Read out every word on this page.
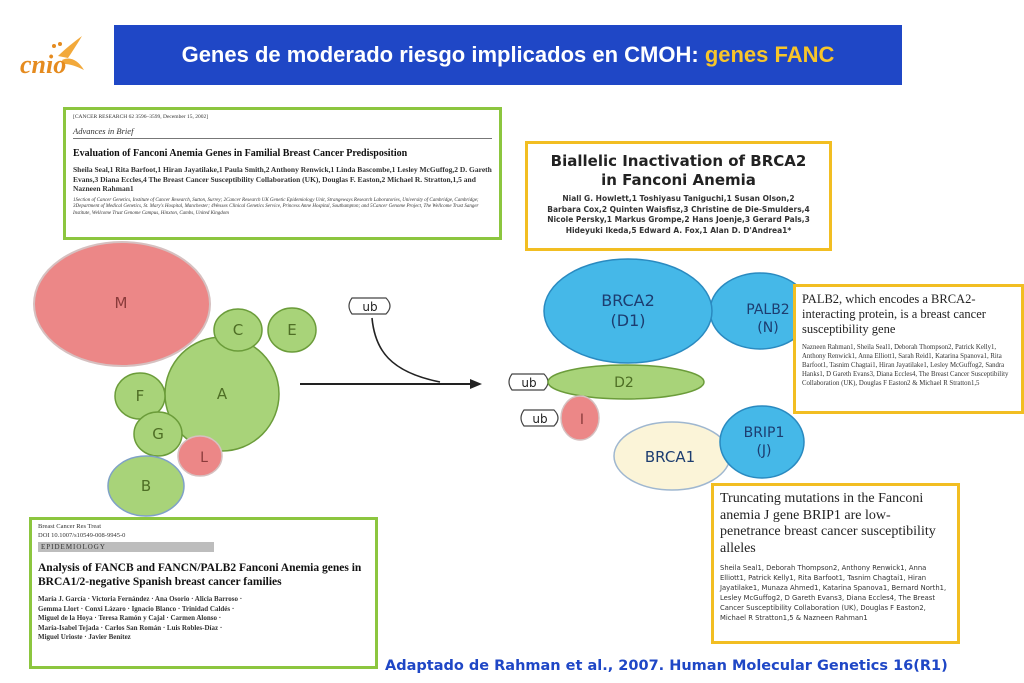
cnio	Genes de moderado riesgo implicados en CMOH: genes FANC
M
C	E
A
F
G
L
B
ub
ub
ub
BRCA2
(D1)
PALB2
(N)
D2
I
BRCA1
BRIP1
(J)
[CANCER RESEARCH 62 3596–3599, December 15, 2002]
Advances in Brief
Evaluation of Fanconi Anemia Genes in Familial Breast Cancer Predisposition
Sheila Seal,1 Rita Barfoot,1 Hiran Jayatilake,1 Paula Smith,2 Anthony Renwick,1 Linda Bascombe,1 Lesley McGuffog,2 D. Gareth Evans,3 Diana Eccles,4 The Breast Cancer Susceptibility Collaboration (UK), Douglas F. Easton,2 Michael R. Stratton,1,5 and Nazneen Rahman1
1Section of Cancer Genetics, Institute of Cancer Research, Sutton, Surrey; 2Cancer Research UK Genetic Epidemiology Unit, Strangeways Research Laboratories, University of Cambridge, Cambridge; 3Department of Medical Genetics, St. Mary's Hospital, Manchester; 4Wessex Clinical Genetics Service, Princess Anne Hospital, Southampton; and 5Cancer Genome Project, The Wellcome Trust Sanger Institute, Wellcome Trust Genome Campus, Hinxton, Cambs, United Kingdom
Biallelic Inactivation of BRCA2
in Fanconi Anemia
Niall G. Howlett,1 Toshiyasu Taniguchi,1 Susan Olson,2
Barbara Cox,2 Quinten Waisfisz,3 Christine de Die-Smulders,4
Nicole Persky,1 Markus Grompe,2 Hans Joenje,3 Gerard Pals,3
Hideyuki Ikeda,5 Edward A. Fox,1 Alan D. D'Andrea1*
PALB2, which encodes a BRCA2-interacting protein, is a breast cancer susceptibility gene
Nazneen Rahman1, Sheila Seal1, Deborah Thompson2, Patrick Kelly1, Anthony Renwick1, Anna Elliott1, Sarah Reid1, Katarina Spanova1, Rita Barfoot1, Tasnim Chagtai1, Hiran Jayatilake1, Lesley McGuffog2, Sandra Hanks1, D Gareth Evans3, Diana Eccles4, The Breast Cancer Susceptibility Collaboration (UK), Douglas F Easton2 & Michael R Stratton1,5
Truncating mutations in the Fanconi anemia J gene BRIP1 are low-penetrance breast cancer susceptibility alleles
Sheila Seal1, Deborah Thompson2, Anthony Renwick1, Anna Elliott1, Patrick Kelly1, Rita Barfoot1, Tasnim Chagtai1, Hiran Jayatilake1, Munaza Ahmed1, Katarina Spanova1, Bernard North1, Lesley McGuffog2, D Gareth Evans3, Diana Eccles4, The Breast Cancer Susceptibility Collaboration (UK), Douglas F Easton2, Michael R Stratton1,5 & Nazneen Rahman1
Breast Cancer Res Treat
DOI 10.1007/s10549-008-9945-0
EPIDEMIOLOGY
Analysis of FANCB and FANCN/PALB2 Fanconi Anemia genes in BRCA1/2-negative Spanish breast cancer families
María J. García · Victoria Fernández · Ana Osorio · Alicia Barroso ·
Gemma Llort · Conxi Lázaro · Ignacio Blanco · Trinidad Caldés ·
Miguel de la Hoya · Teresa Ramón y Cajal · Carmen Alonso ·
María-Isabel Tejada · Carlos San Román · Luis Robles-Díaz ·
Miguel Urioste · Javier Benítez
Adaptado de Rahman et al., 2007. Human Molecular Genetics 16(R1)
